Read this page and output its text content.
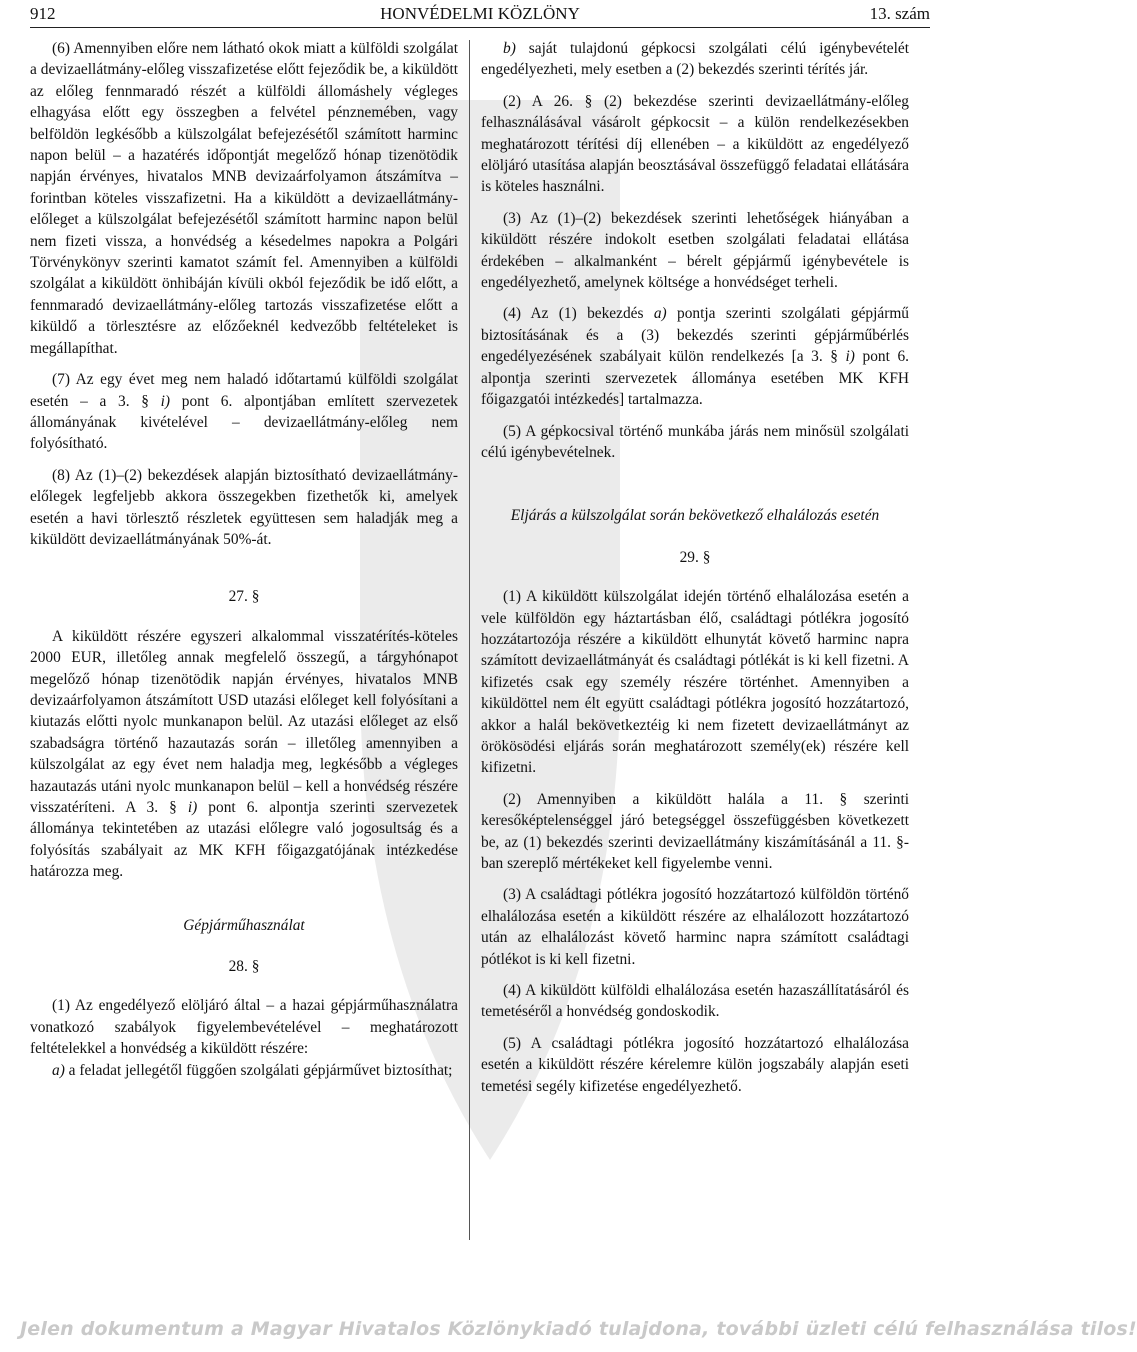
912	HONVÉDELMI KÖZLÖNY	13. szám

(6) Amennyiben előre nem látható okok miatt a külföldi szolgálat a devizaellátmány-előleg visszafizetése előtt fejeződik be, a kiküldött az előleg fennmaradó részét a külföldi állomáshely végleges elhagyása előtt egy összegben a felvétel pénznemében, vagy belföldön legkésőbb a külszolgálat befejezésétől számított harminc napon belül – a hazatérés időpontját megelőző hónap tizenötödik napján érvényes, hivatalos MNB devizaárfolyamon átszámítva – forintban köteles visszafizetni. Ha a kiküldött a devizaellátmány-előleget a külszolgálat befejezésétől számított harminc napon belül nem fizeti vissza, a honvédség a késedelmes napokra a Polgári Törvénykönyv szerinti kamatot számít fel. Amennyiben a külföldi szolgálat a kiküldött önhibáján kívüli okból fejeződik be idő előtt, a fennmaradó devizaellátmány-előleg tartozás visszafizetése előtt a kiküldő a törlesztésre az előzőeknél kedvezőbb feltételeket is megállapíthat.

(7) Az egy évet meg nem haladó időtartamú külföldi szolgálat esetén – a 3. § i) pont 6. alpontjában említett szervezetek állományának kivételével – devizaellátmány-előleg nem folyósítható.

(8) Az (1)–(2) bekezdések alapján biztosítható devizaellátmány-előlegek legfeljebb akkora összegekben fizethetők ki, amelyek esetén a havi törlesztő részletek együttesen sem haladják meg a kiküldött devizaellátmányának 50%-át.

27. §

A kiküldött részére egyszeri alkalommal visszatérítés-köteles 2000 EUR, illetőleg annak megfelelő összegű, a tárgyhónapot megelőző hónap tizenötödik napján érvényes, hivatalos MNB devizaárfolyamon átszámított USD utazási előleget kell folyósítani a kiutazás előtti nyolc munkanapon belül. Az utazási előleget az első szabadságra történő hazautazás során – illetőleg amennyiben a külszolgálat az egy évet nem haladja meg, legkésőbb a végleges hazautazás utáni nyolc munkanapon belül – kell a honvédség részére visszatéríteni. A 3. § i) pont 6. alpontja szerinti szervezetek állománya tekintetében az utazási előlegre való jogosultság és a folyósítás szabályait az MK KFH főigazgatójának intézkedése határozza meg.

Gépjárműhasználat

28. §

(1) Az engedélyező elöljáró által – a hazai gépjárműhasználatra vonatkozó szabályok figyelembevételével – meghatározott feltételekkel a honvédség a kiküldött részére:

a) a feladat jellegétől függően szolgálati gépjárművet biztosíthat;

b) saját tulajdonú gépkocsi szolgálati célú igénybevételét engedélyezheti, mely esetben a (2) bekezdés szerinti térítés jár.

(2) A 26. § (2) bekezdése szerinti devizaellátmány-előleg felhasználásával vásárolt gépkocsit – a külön rendelkezésekben meghatározott térítési díj ellenében – a kiküldött az engedélyező elöljáró utasítása alapján beosztásával összefüggő feladatai ellátására is köteles használni.

(3) Az (1)–(2) bekezdések szerinti lehetőségek hiányában a kiküldött részére indokolt esetben szolgálati feladatai ellátása érdekében – alkalmanként – bérelt gépjármű igénybevétele is engedélyezhető, amelynek költsége a honvédséget terheli.

(4) Az (1) bekezdés a) pontja szerinti szolgálati gépjármű biztosításának és a (3) bekezdés szerinti gépjárműbérlés engedélyezésének szabályait külön rendelkezés [a 3. § i) pont 6. alpontja szerinti szervezetek állománya esetében MK KFH főigazgatói intézkedés] tartalmazza.

(5) A gépkocsival történő munkába járás nem minősül szolgálati célú igénybevételnek.

Eljárás a külszolgálat során bekövetkező elhalálozás esetén

29. §

(1) A kiküldött külszolgálat idején történő elhalálozása esetén a vele külföldön egy háztartásban élő, családtagi pótlékra jogosító hozzátartozója részére a kiküldött elhunytát követő harminc napra számított devizaellátmányát és családtagi pótlékát is ki kell fizetni. A kifizetés csak egy személy részére történhet. Amennyiben a kiküldöttel nem élt együtt családtagi pótlékra jogosító hozzátartozó, akkor a halál bekövetkeztéig ki nem fizetett devizaellátmányt az örökösödési eljárás során meghatározott személy(ek) részére kell kifizetni.

(2) Amennyiben a kiküldött halála a 11. § szerinti keresőképtelenséggel járó betegséggel összefüggésben következett be, az (1) bekezdés szerinti devizaellátmány kiszámításánál a 11. §-ban szereplő mértékeket kell figyelembe venni.

(3) A családtagi pótlékra jogosító hozzátartozó külföldön történő elhalálozása esetén a kiküldött részére az elhalálozott hozzátartozó után az elhalálozást követő harminc napra számított családtagi pótlékot is ki kell fizetni.

(4) A kiküldött külföldi elhalálozása esetén hazaszállítatásáról és temetéséről a honvédség gondoskodik.

(5) A családtagi pótlékra jogosító hozzátartozó elhalálozása esetén a kiküldött részére kérelemre külön jogszabály alapján eseti temetési segély kifizetése engedélyezhető.

Jelen dokumentum a Magyar Hivatalos Közlönykiadó tulajdona, további üzleti célú felhasználása tilos!
